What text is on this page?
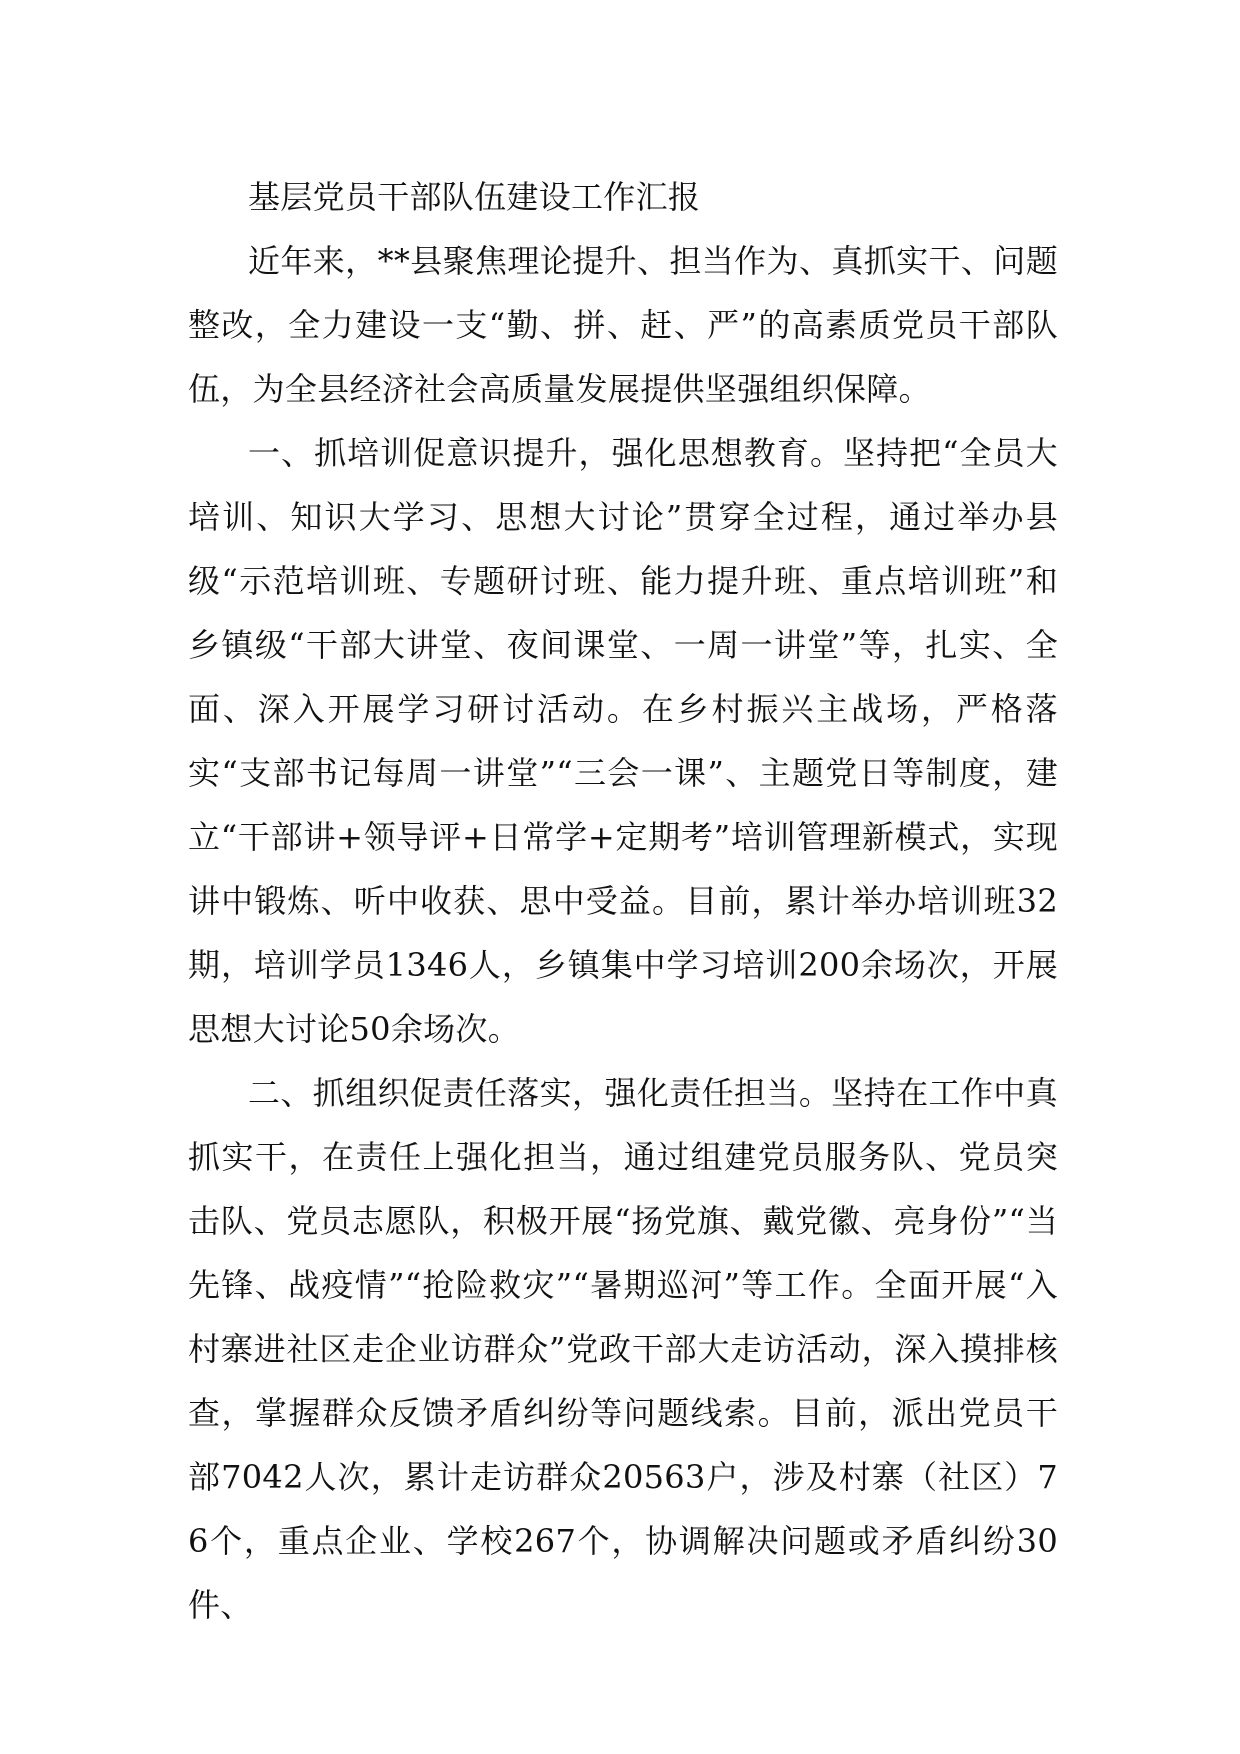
基层党员干部队伍建设工作汇报

近年来，**县聚焦理论提升、担当作为、真抓实干、问题整改，全力建设一支“勤、拼、赶、严”的高素质党员干部队伍，为全县经济社会高质量发展提供坚强组织保障。

一、抓培训促意识提升，强化思想教育。坚持把“全员大培训、知识大学习、思想大讨论”贯穿全过程，通过举办县级“示范培训班、专题研讨班、能力提升班、重点培训班”和乡镇级“干部大讲堂、夜间课堂、一周一讲堂”等，扎实、全面、深入开展学习研讨活动。在乡村振兴主战场，严格落实“支部书记每周一讲堂”“三会一课”、主题党日等制度，建立“干部讲+领导评+日常学+定期考”培训管理新模式，实现讲中锻炼、听中收获、思中受益。目前，累计举办培训班32期，培训学员1346人，乡镇集中学习培训200余场次，开展思想大讨论50余场次。

二、抓组织促责任落实，强化责任担当。坚持在工作中真抓实干，在责任上强化担当，通过组建党员服务队、党员突击队、党员志愿队，积极开展“扬党旗、戴党徽、亮身份”“当先锋、战疫情”“抢险救灾”“暑期巡河”等工作。全面开展“入村寨进社区走企业访群众”党政干部大走访活动，深入摸排核查，掌握群众反馈矛盾纠纷等问题线索。目前，派出党员干部7042人次，累计走访群众20563户，涉及村寨（社区）76个，重点企业、学校267个，协调解决问题或矛盾纠纷30件、
